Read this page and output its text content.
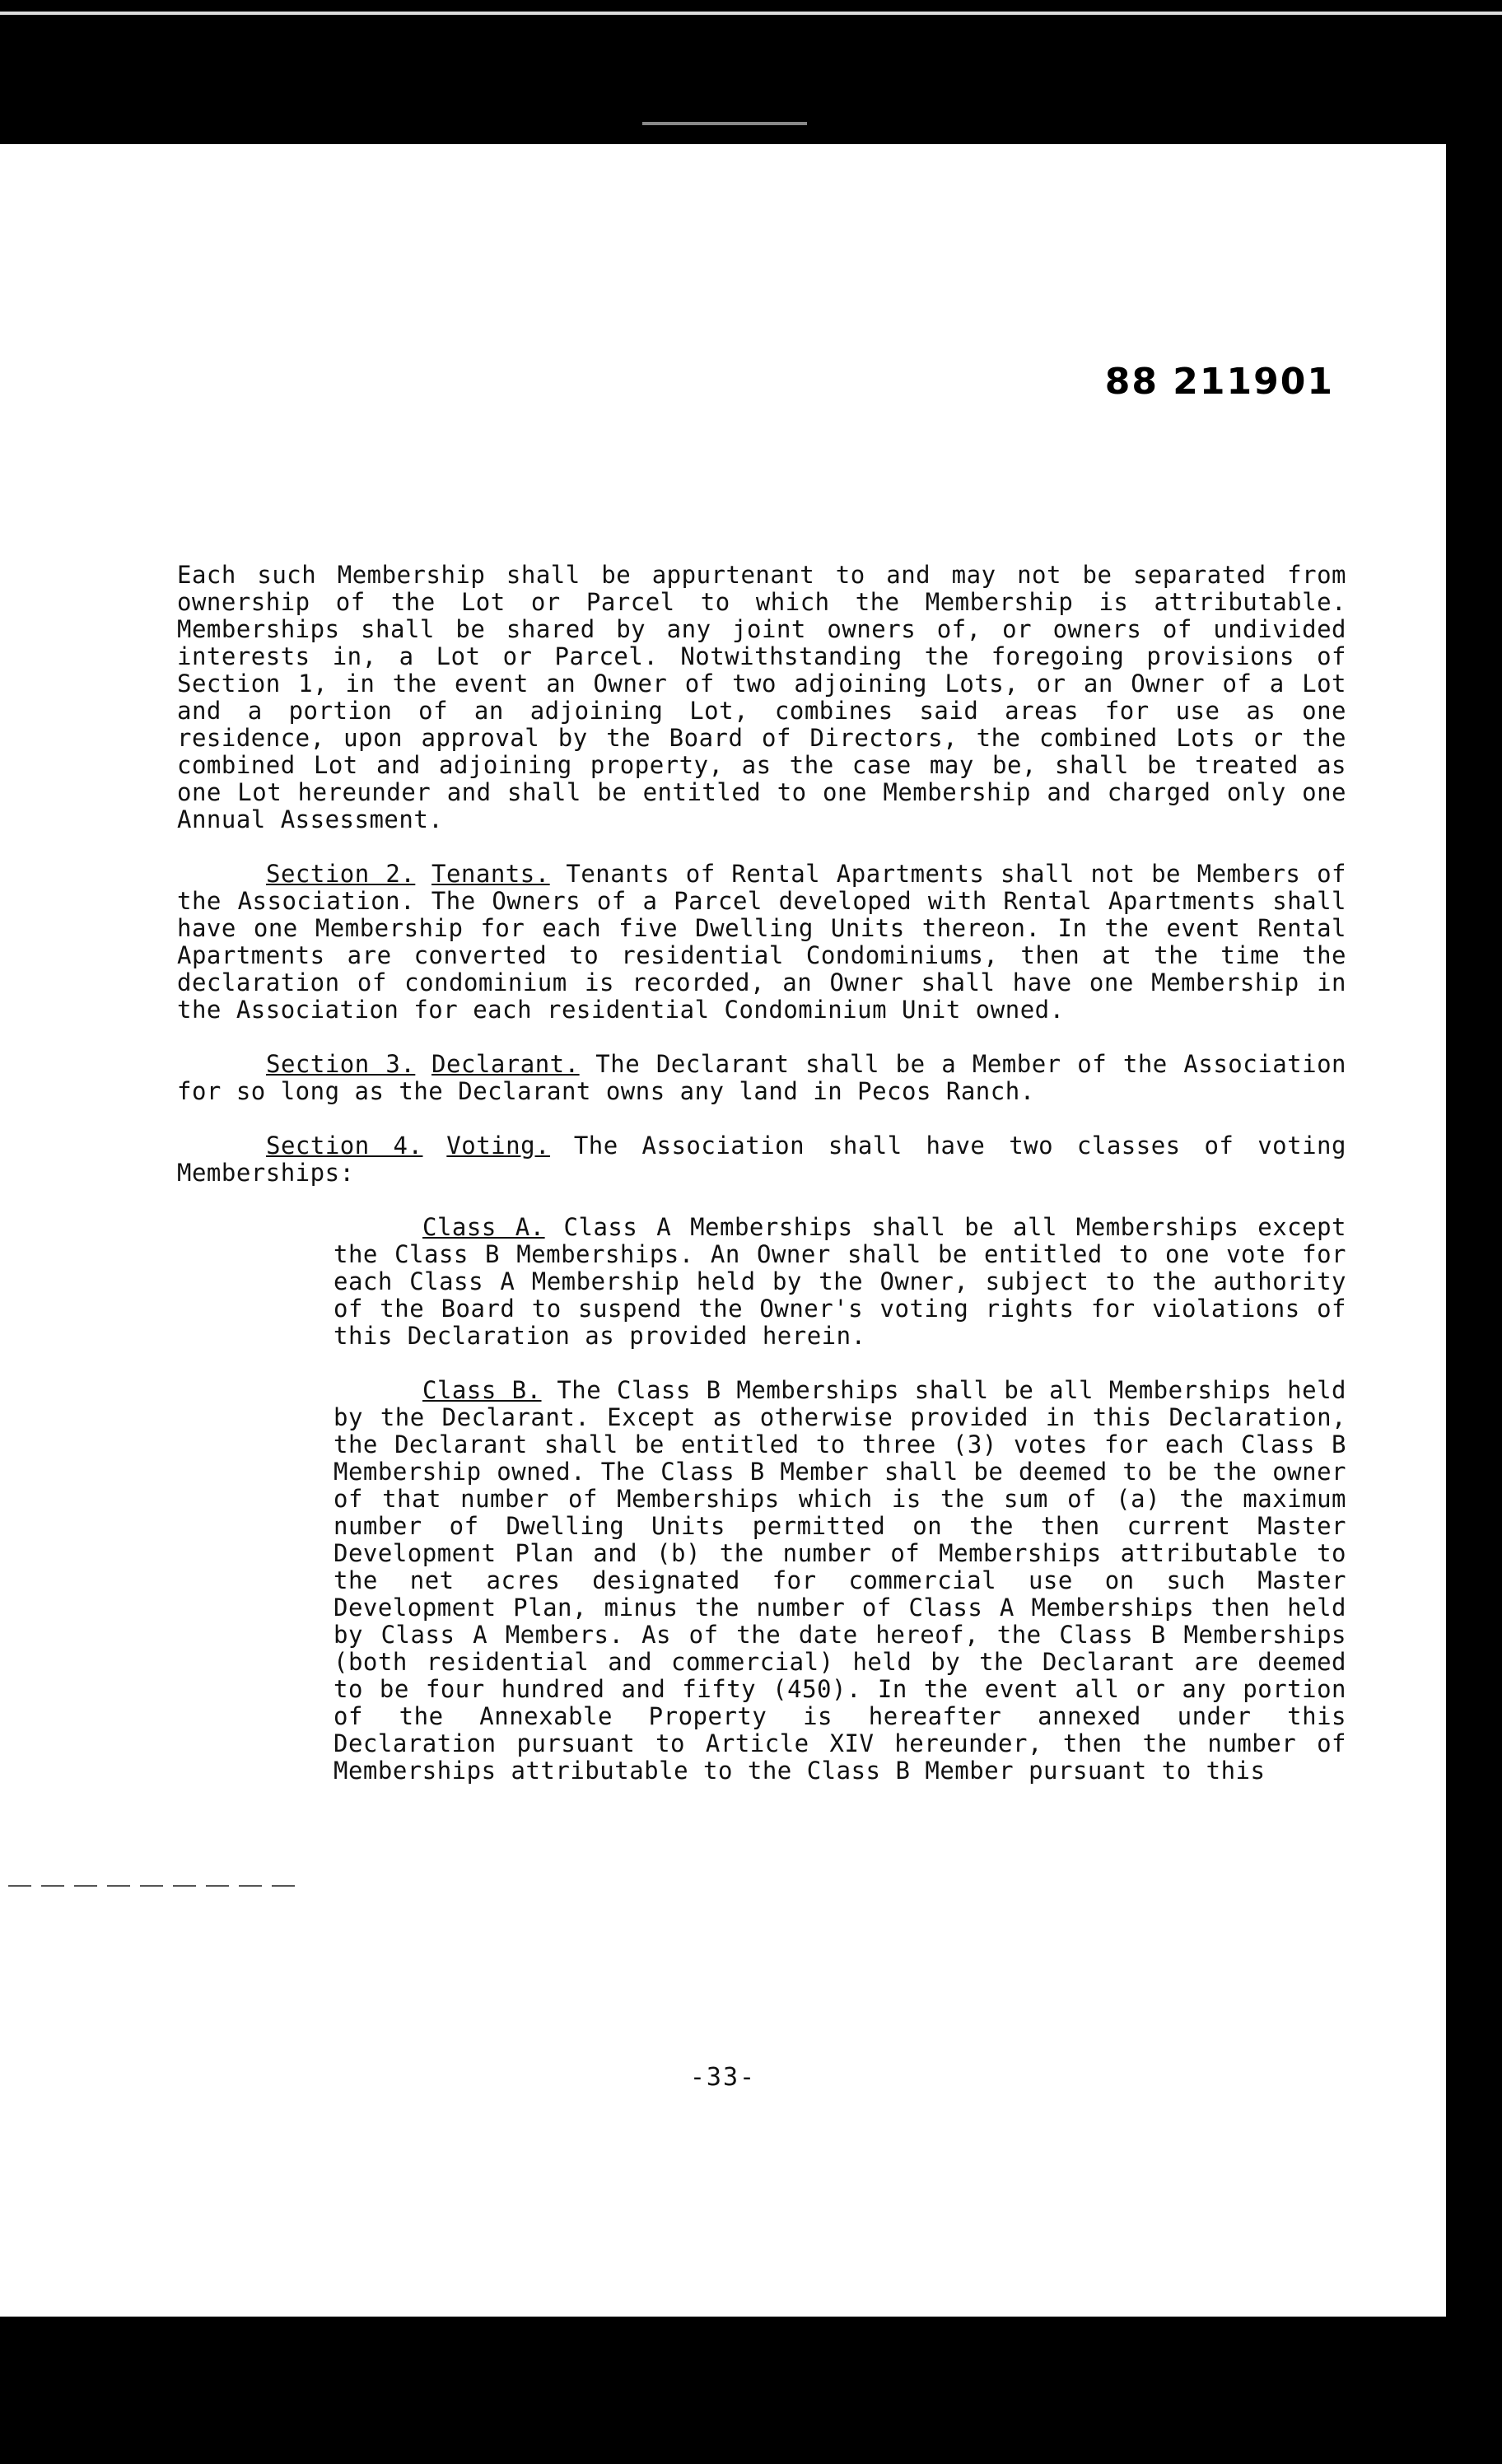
88 211901

Each such Membership shall be appurtenant to and may not be separated from ownership of the Lot or Parcel to which the Membership is attributable. Memberships shall be shared by any joint owners of, or owners of undivided interests in, a Lot or Parcel. Notwithstanding the foregoing provisions of Section 1, in the event an Owner of two adjoining Lots, or an Owner of a Lot and a portion of an adjoining Lot, combines said areas for use as one residence, upon approval by the Board of Directors, the combined Lots or the combined Lot and adjoining property, as the case may be, shall be treated as one Lot hereunder and shall be entitled to one Membership and charged only one Annual Assessment.

Section 2. Tenants. Tenants of Rental Apartments shall not be Members of the Association. The Owners of a Parcel developed with Rental Apartments shall have one Membership for each five Dwelling Units thereon. In the event Rental Apartments are converted to residential Condominiums, then at the time the declaration of condominium is recorded, an Owner shall have one Membership in the Association for each residential Condominium Unit owned.

Section 3. Declarant. The Declarant shall be a Member of the Association for so long as the Declarant owns any land in Pecos Ranch.

Section 4. Voting. The Association shall have two classes of voting Memberships:

Class A. Class A Memberships shall be all Memberships except the Class B Memberships. An Owner shall be entitled to one vote for each Class A Membership held by the Owner, subject to the authority of the Board to suspend the Owner's voting rights for violations of this Declaration as provided herein.

Class B. The Class B Memberships shall be all Memberships held by the Declarant. Except as otherwise provided in this Declaration, the Declarant shall be entitled to three (3) votes for each Class B Membership owned. The Class B Member shall be deemed to be the owner of that number of Memberships which is the sum of (a) the maximum number of Dwelling Units permitted on the then current Master Development Plan and (b) the number of Memberships attributable to the net acres designated for commercial use on such Master Development Plan, minus the number of Class A Memberships then held by Class A Members. As of the date hereof, the Class B Memberships (both residential and commercial) held by the Declarant are deemed to be four hundred and fifty (450). In the event all or any portion of the Annexable Property is hereafter annexed under this Declaration pursuant to Article XIV hereunder, then the number of Memberships attributable to the Class B Member pursuant to this

-33-
